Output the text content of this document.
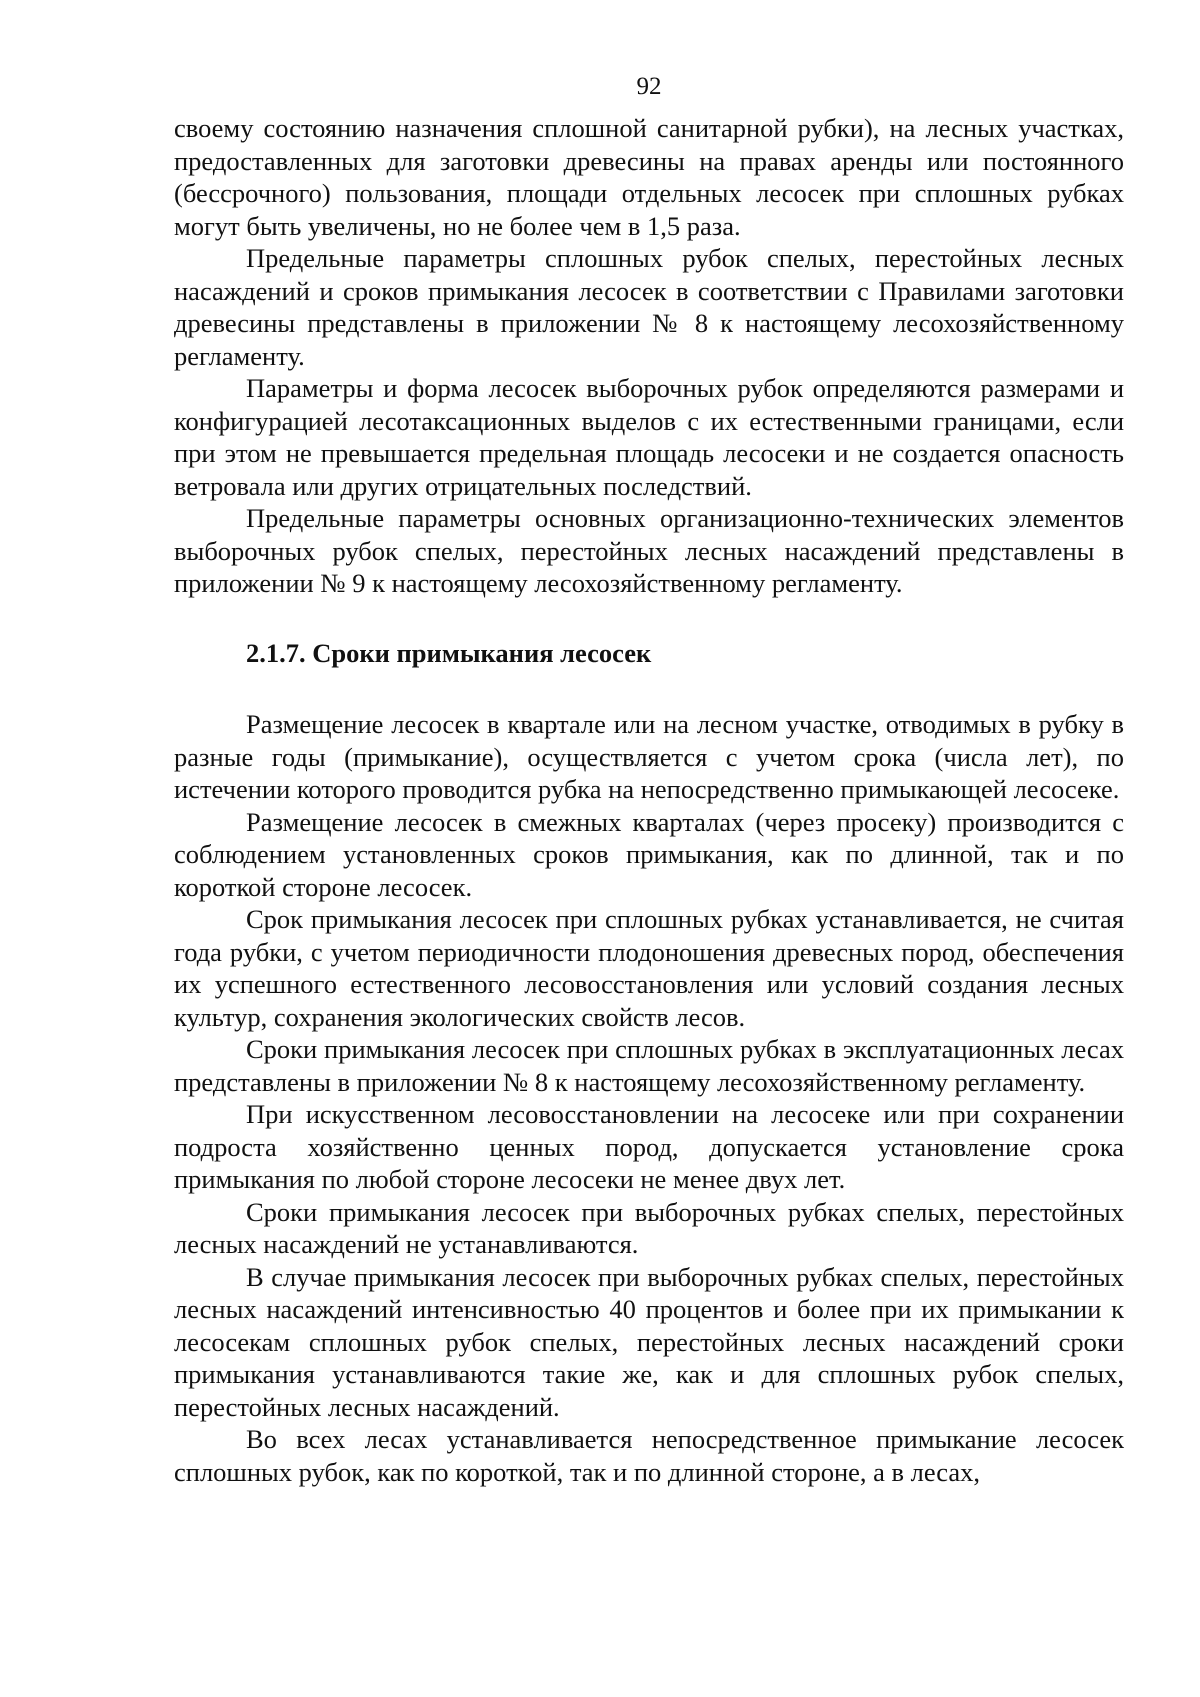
92

своему состоянию назначения сплошной санитарной рубки), на лесных участках, предоставленных для заготовки древесины на правах аренды или постоянного (бессрочного) пользования, площади отдельных лесосек при сплошных рубках могут быть увеличены, но не более чем в 1,5 раза.

Предельные параметры сплошных рубок спелых, перестойных лесных насаждений и сроков примыкания лесосек в соответствии с Правилами заготовки древесины представлены в приложении № 8 к настоящему лесохозяйственному регламенту.

Параметры и форма лесосек выборочных рубок определяются размерами и конфигурацией лесотаксационных выделов с их естественными границами, если при этом не превышается предельная площадь лесосеки и не создается опасность ветровала или других отрицательных последствий.

Предельные параметры основных организационно-технических элементов выборочных рубок спелых, перестойных лесных насаждений представлены в приложении № 9 к настоящему лесохозяйственному регламенту.

2.1.7. Сроки примыкания лесосек

Размещение лесосек в квартале или на лесном участке, отводимых в рубку в разные годы (примыкание), осуществляется с учетом срока (числа лет), по истечении которого проводится рубка на непосредственно примыкающей лесосеке.

Размещение лесосек в смежных кварталах (через просеку) производится с соблюдением установленных сроков примыкания, как по длинной, так и по короткой стороне лесосек.

Срок примыкания лесосек при сплошных рубках устанавливается, не считая года рубки, с учетом периодичности плодоношения древесных пород, обеспечения их успешного естественного лесовосстановления или условий создания лесных культур, сохранения экологических свойств лесов.

Сроки примыкания лесосек при сплошных рубках в эксплуатационных лесах представлены в приложении № 8 к настоящему лесохозяйственному регламенту.

При искусственном лесовосстановлении на лесосеке или при сохранении подроста хозяйственно ценных пород, допускается установление срока примыкания по любой стороне лесосеки не менее двух лет.

Сроки примыкания лесосек при выборочных рубках спелых, перестойных лесных насаждений не устанавливаются.

В случае примыкания лесосек при выборочных рубках спелых, перестойных лесных насаждений интенсивностью 40 процентов и более при их примыкании к лесосекам сплошных рубок спелых, перестойных лесных насаждений сроки примыкания устанавливаются такие же, как и для сплошных рубок спелых, перестойных лесных насаждений.

Во всех лесах устанавливается непосредственное примыкание лесосек сплошных рубок, как по короткой, так и по длинной стороне, а в лесах,
